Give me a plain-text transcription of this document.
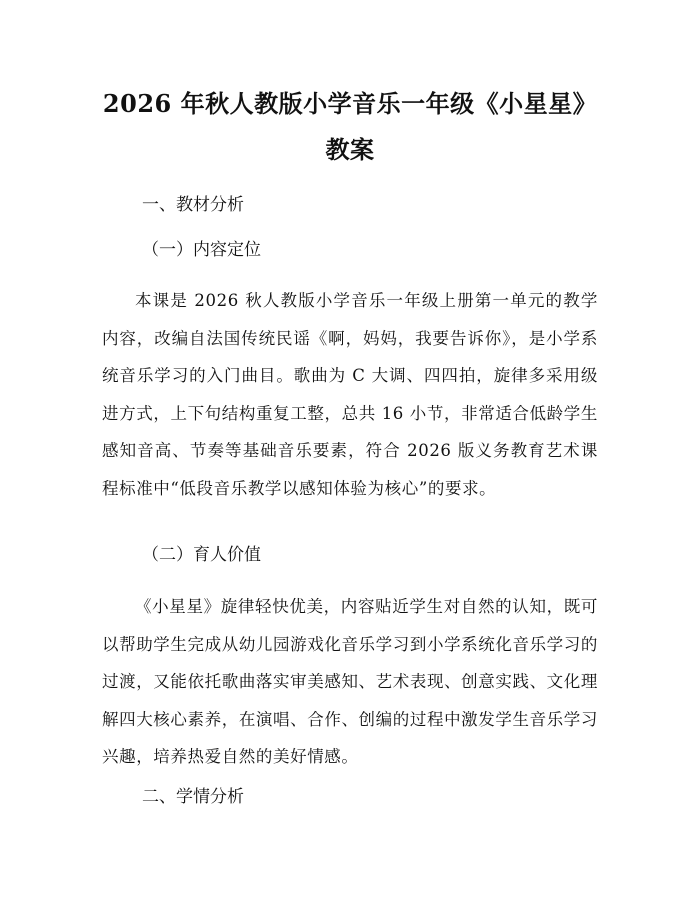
2026 年秋人教版小学音乐一年级《小星星》
教案
一、教材分析
（一）内容定位

本课是 2026 秋人教版小学音乐一年级上册第一单元的教学内容，改编自法国传统民谣《啊，妈妈，我要告诉你》，是小学系统音乐学习的入门曲目。歌曲为 C 大调、四四拍，旋律多采用级进方式，上下句结构重复工整，总共 16 小节，非常适合低龄学生感知音高、节奏等基础音乐要素，符合 2026 版义务教育艺术课程标准中“低段音乐教学以感知体验为核心”的要求。

（二）育人价值

《小星星》旋律轻快优美，内容贴近学生对自然的认知，既可以帮助学生完成从幼儿园游戏化音乐学习到小学系统化音乐学习的过渡，又能依托歌曲落实审美感知、艺术表现、创意实践、文化理解四大核心素养，在演唱、合作、创编的过程中激发学生音乐学习兴趣，培养热爱自然的美好情感。

二、学情分析
